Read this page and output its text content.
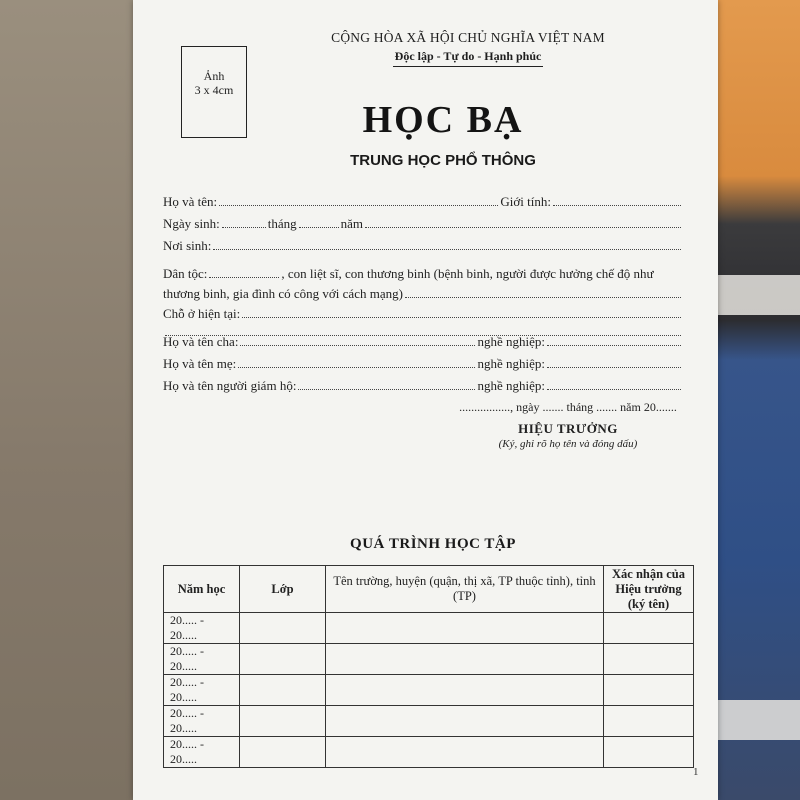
Ảnh
3 x 4cm
CỘNG HÒA XÃ HỘI CHỦ NGHĨA VIỆT NAM
Độc lập - Tự do - Hạnh phúc
HỌC BẠ
TRUNG HỌC PHỔ THÔNG
Họ và tên:	Giới tính:
Ngày sinh:	tháng	năm
Nơi sinh:
Dân tộc:	, con liệt sĩ, con thương binh (bệnh binh, người được hưởng chế độ như
thương binh, gia đình có công với cách mạng)
Chỗ ở hiện tại:
Họ và tên cha:	nghề nghiệp:
Họ và tên mẹ:	nghề nghiệp:
Họ và tên người giám hộ:	nghề nghiệp:
................., ngày ....... tháng ....... năm 20.......
HIỆU TRƯỞNG
(Ký, ghi rõ họ tên và đóng dấu)
QUÁ TRÌNH HỌC TẬP
Năm học	Lớp	Tên trường, huyện (quận, thị xã, TP thuộc tỉnh), tỉnh (TP)	Xác nhận của Hiệu trưởng (ký tên)
20..... - 20.....			
20..... - 20.....			
20..... - 20.....			
20..... - 20.....			
20..... - 20.....			
1
